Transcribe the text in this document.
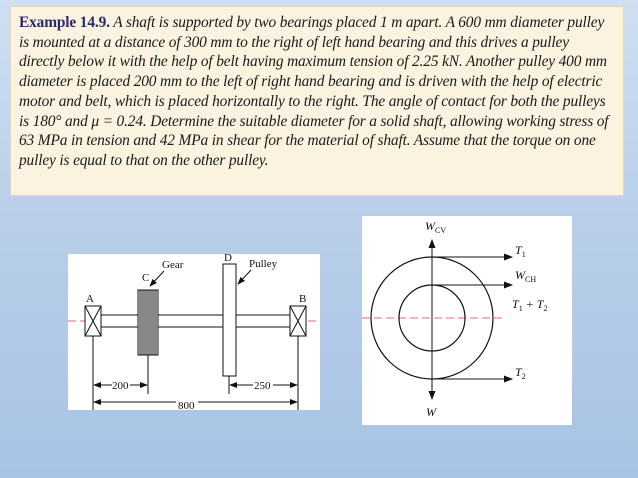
Example 14.9. A shaft is supported by two bearings placed 1 m apart. A 600 mm diameter pulley is mounted at a distance of 300 mm to the right of left hand bearing and this drives a pulley directly below it with the help of belt having maximum tension of 2.25 kN. Another pulley 400 mm diameter is placed 200 mm to the left of right hand bearing and is driven with the help of electric motor and belt, which is placed horizontally to the right. The angle of contact for both the pulleys is 180° and μ = 0.24. Determine the suitable diameter for a solid shaft, allowing working stress of 63 MPa in tension and 42 MPa in shear for the material of shaft. Assume that the torque on one pulley is equal to that on the other pulley.

Gear
C
D Pulley
A	B
200	250
800
$W_{CV}$
$T_1$
$W_{CH}$
$T_1 + T_2$
$T_2$
W
